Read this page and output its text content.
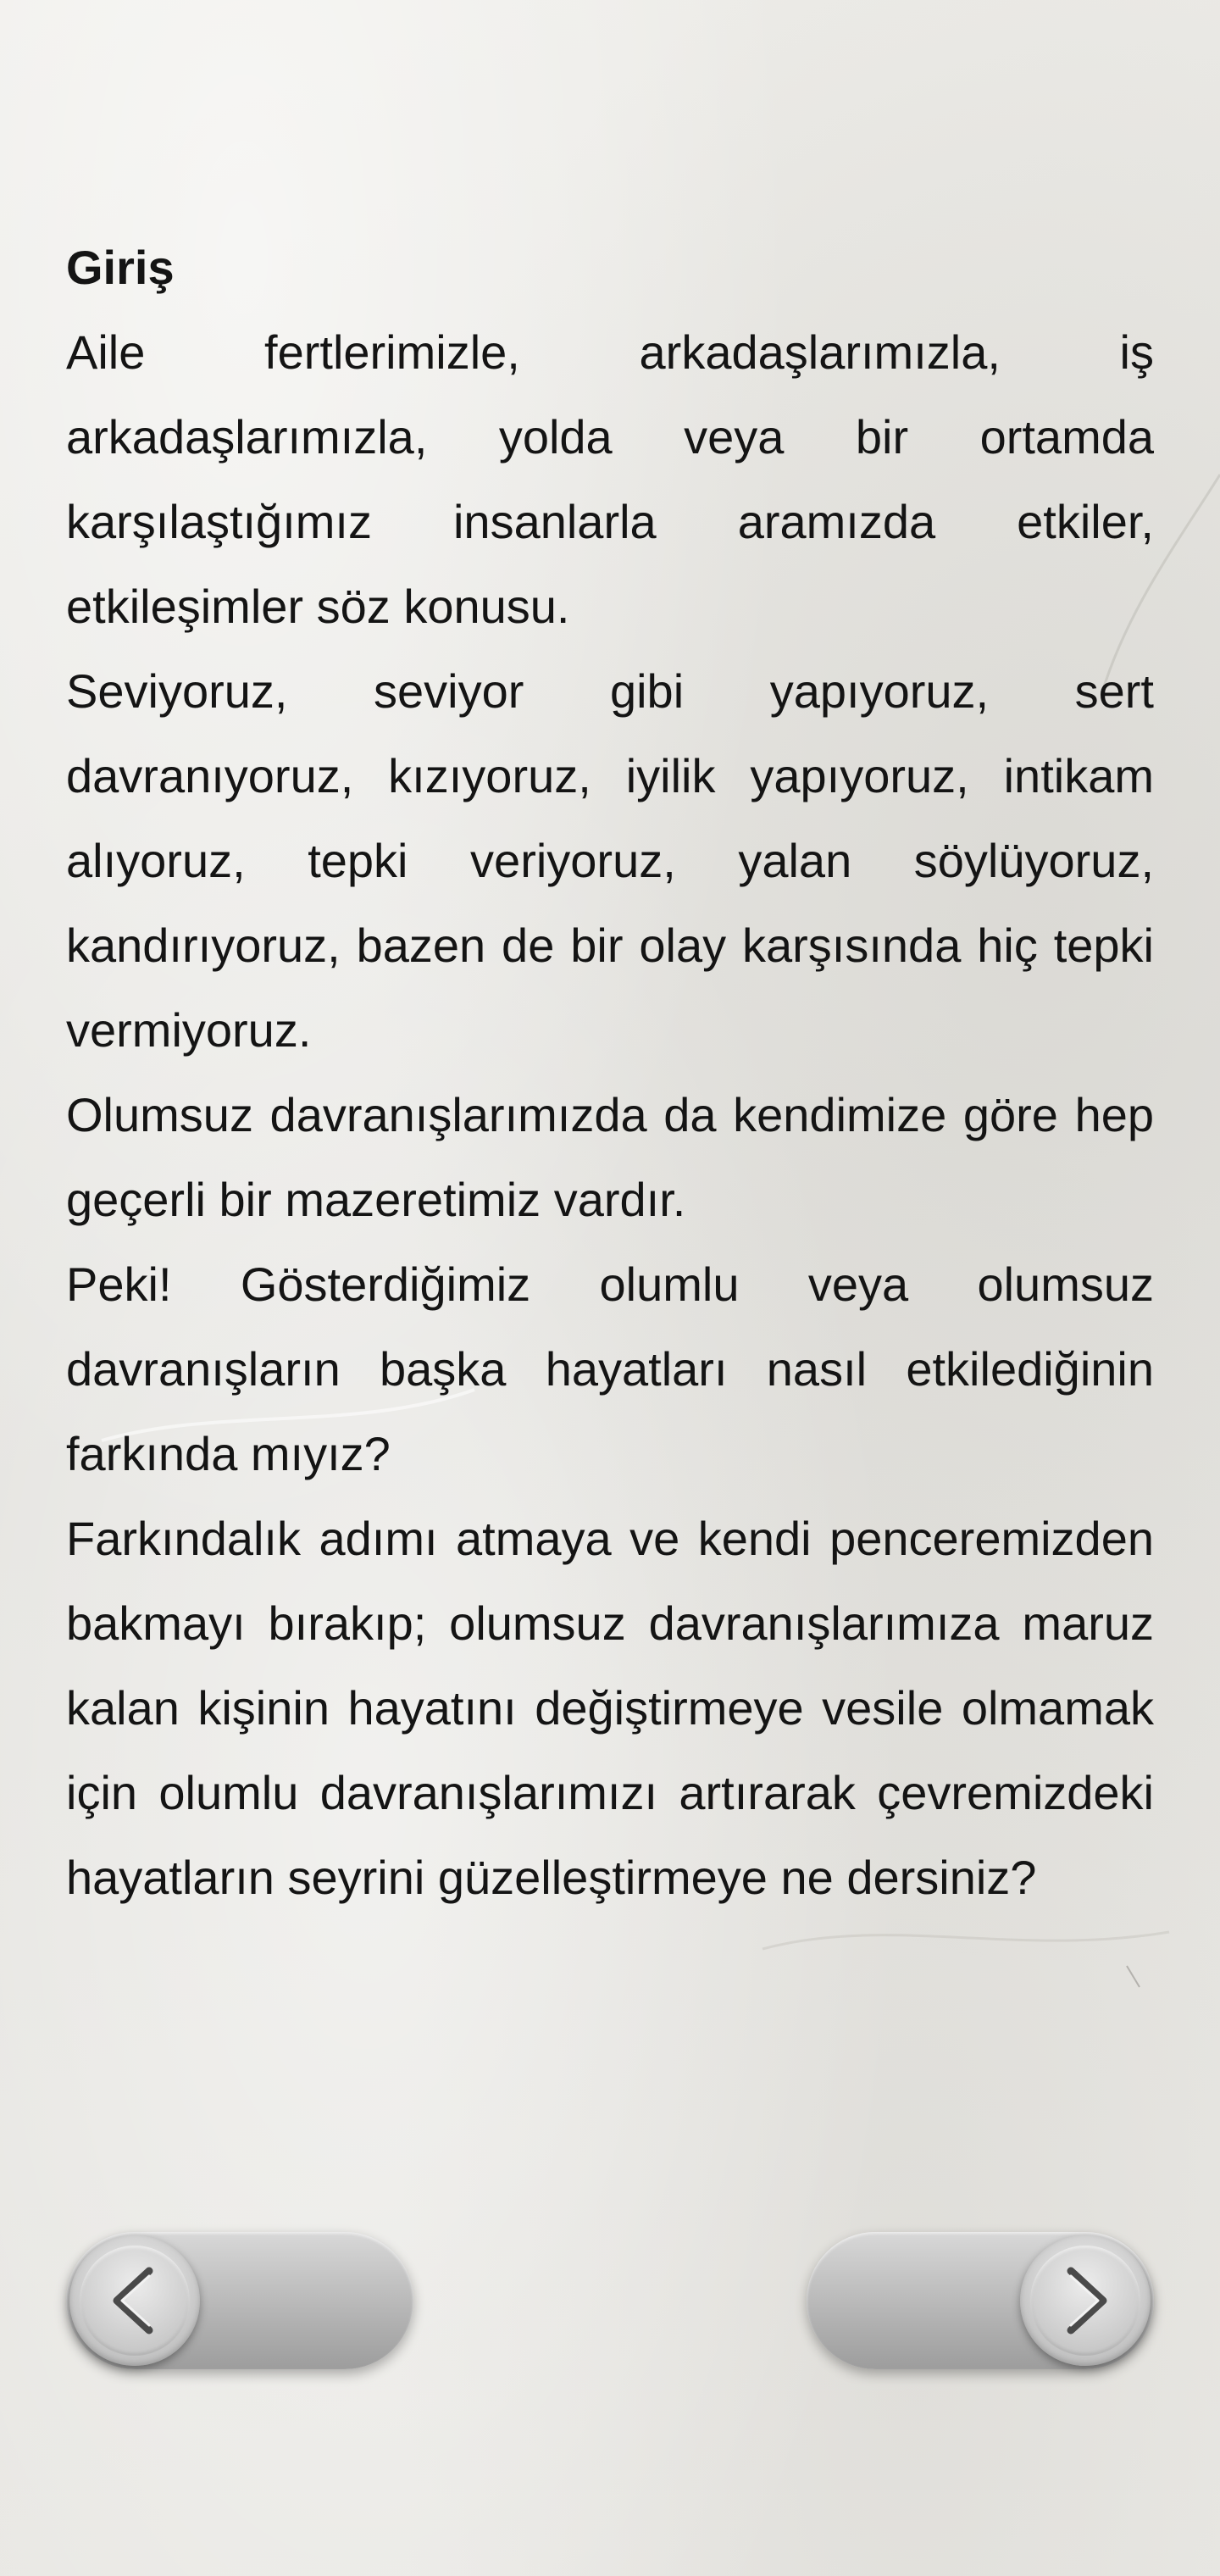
Giriş

Aile fertlerimizle, arkadaşlarımızla, iş arkadaşlarımızla, yolda veya bir ortamda karşılaştığımız insanlarla aramızda etkiler, etkileşimler söz konusu.

Seviyoruz, seviyor gibi yapıyoruz, sert davranıyoruz, kızıyoruz, iyilik yapıyoruz, intikam alıyoruz, tepki veriyoruz, yalan söylüyoruz, kandırıyoruz, bazen de bir olay karşısında hiç tepki vermiyoruz.

Olumsuz davranışlarımızda da kendimize göre hep geçerli bir mazeretimiz vardır.

Peki! Gösterdiğimiz olumlu veya olumsuz davranışların başka hayatları nasıl etkilediğinin farkında mıyız?

Farkındalık adımı atmaya ve kendi penceremizden bakmayı bırakıp; olumsuz davranışlarımıza maruz kalan kişinin hayatını değiştirmeye vesile olmamak için olumlu davranışlarımızı artırarak çevremizdeki hayatların seyrini güzelleştirmeye ne dersiniz?
